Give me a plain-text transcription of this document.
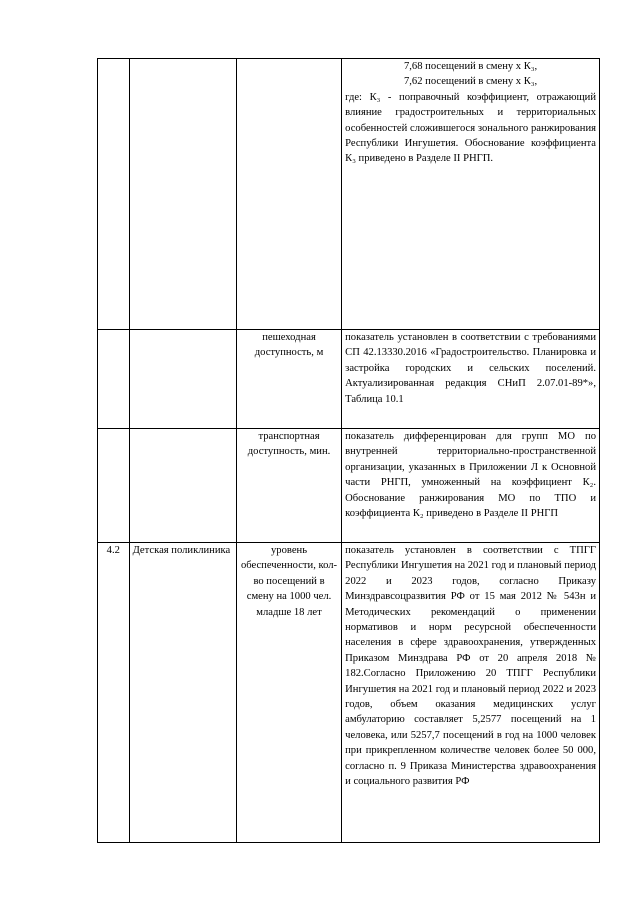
			7,68 посещений в смену x К₃,
7,62 посещений в смену x К₃,
где: К₃ - поправочный коэффициент, отражающий влияние градостроительных и территориальных особенностей сложившегося зонального ранжирования Республики Ингушетия. Обоснование коэффициента К₃ приведено в Разделе II РНГП.

		пешеходная доступность, м	показатель установлен в соответствии с требованиями СП 42.13330.2016 «Градостроительство. Планировка и застройка городских и сельских поселений. Актуализированная редакция СНиП 2.07.01-89*», Таблица 10.1
		транспортная доступность, мин.	показатель дифференцирован для групп МО по внутренней территориально-пространственной организации, указанных в Приложении Л к Основной части РНГП, умноженный на коэффициент К₂. Обоснование ранжирования МО по ТПО и коэффициента К₂ приведено в Разделе II РНГП
4.2	Детская поликлиника	уровень обеспеченности, кол-во посещений в смену на 1000 чел. младше 18 лет	показатель установлен в соответствии с ТПГГ Республики Ингушетия на 2021 год и плановый период 2022 и 2023 годов, согласно Приказу Минздравсоцразвития РФ от 15 мая 2012 № 543н и Методических рекомендаций о применении нормативов и норм ресурсной обеспеченности населения в сфере здравоохранения, утвержденных Приказом Минздрава РФ от 20 апреля 2018 № 182.Согласно Приложению 20 ТПГГ Республики Ингушетия на 2021 год и плановый период 2022 и 2023 годов, объем оказания медицинских услуг амбулаторию составляет 5,2577 посещений на 1 человека, или 5257,7 посещений в год на 1000 человек при прикрепленном количестве человек более 50 000, согласно п. 9 Приказа Министерства здравоохранения и социального развития РФ
